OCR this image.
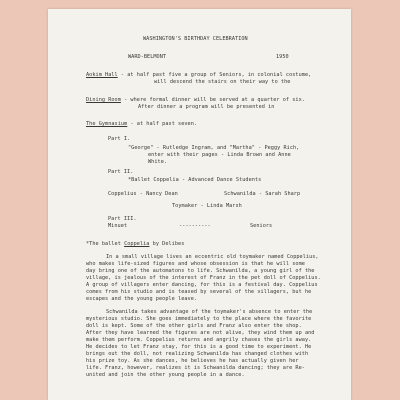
WASHINGTON'S BIRTHDAY CELEBRATION
WARD-BELMONT	1950
Aokim Hall - at half past five a group of Seniors, in colonial costume,
will descend the stairs on their way to the
Dining Room - where formal dinner will be served at a quarter of six.
After dinner a program will be presented in
The Gymnasium - at half past seven.
Part I.
"George" - Rutledge Ingram, and "Martha" - Peggy Rich,
enter with their pages - Linda Brown and Anne
White.
Part II.
*Ballet Coppelia - Advanced Dance Students
Coppelius - Nancy Dean	Schwanilda - Sarah Sharp
Toymaker - Linda Marsh
Part III.
Minuet	----------	Seniors
*The ballet Coppelia by Delibes
In a small village lives an eccentric old toymaker named Coppelius,
who makes life-sized figures and whose obsession is that he will some
day bring one of the automatons to life. Schwanilda, a young girl of the
village, is jealous of the interest of Franz in the pet doll of Coppelius.
A group of villagers enter dancing, for this is a festival day. Coppelius
comes from his studio and is teased by several of the villagers, but he
escapes and the young people leave.
Schwanilda takes advantage of the toymaker's absence to enter the
mysterious studio. She goes immediately to the place where the favorite
doll is kept. Some of the other girls and Franz also enter the shop.
After they have learned the figures are not alive, they wind them up and
make them perform. Coppelius returns and angrily chases the girls away.
He decides to let Franz stay, for this is a good time to experiment. He
brings out the doll, not realizing Schwanilda has changed clothes with
his prize toy. As she dances, he believes he has actually given her
life. Franz, however, realizes it is Schwanilda dancing; they are Re-
united and join the other young people in a dance.
